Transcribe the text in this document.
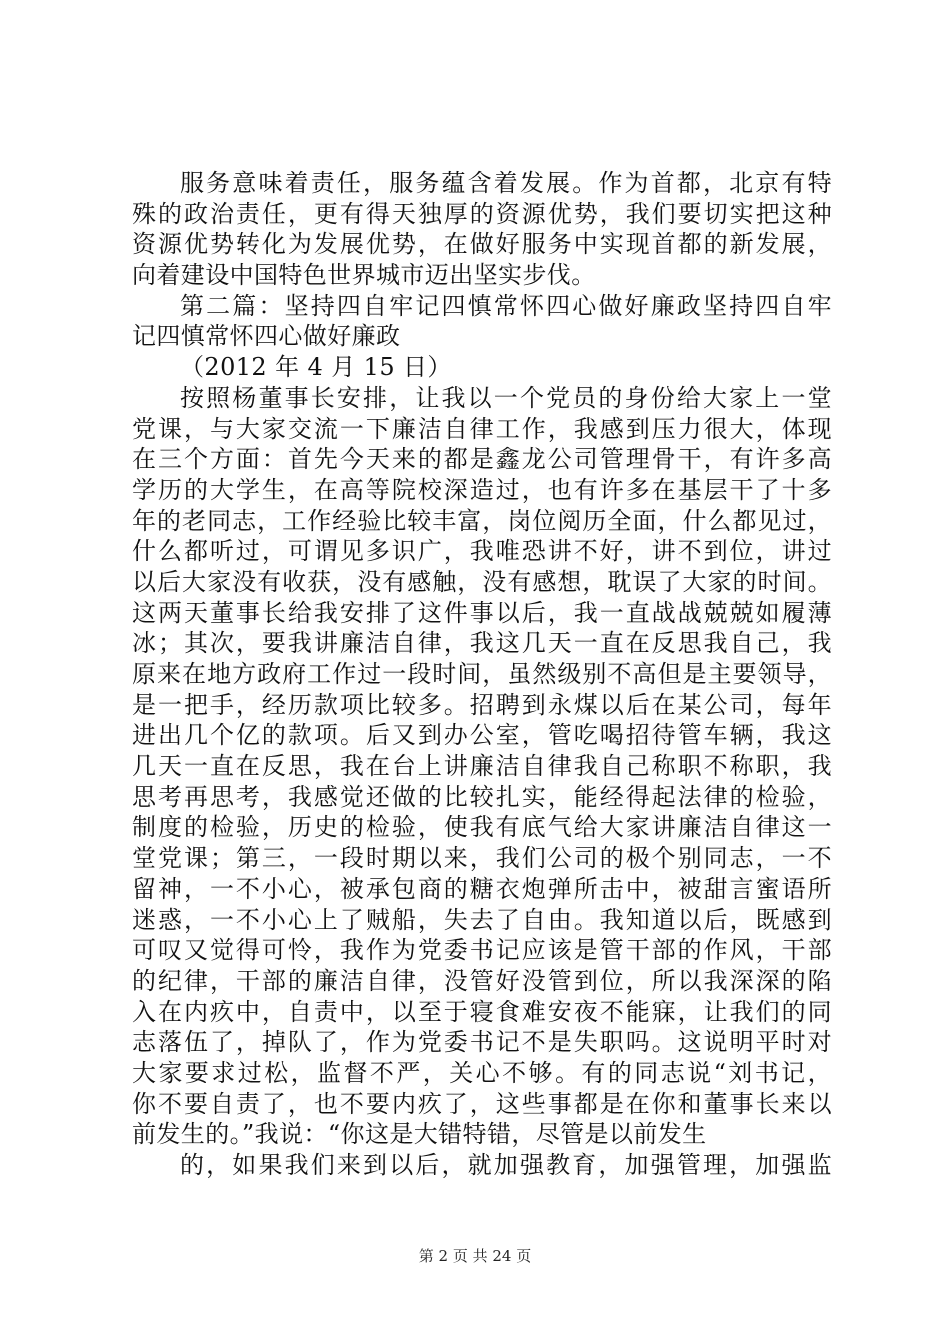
服务意味着责任，服务蕴含着发展。作为首都，北京有特
殊的政治责任，更有得天独厚的资源优势，我们要切实把这种
资源优势转化为发展优势，在做好服务中实现首都的新发展，
向着建设中国特色世界城市迈出坚实步伐。
第二篇：坚持四自牢记四慎常怀四心做好廉政坚持四自牢
记四慎常怀四心做好廉政
（2012 年 4 月 15 日）
按照杨董事长安排，让我以一个党员的身份给大家上一堂
党课，与大家交流一下廉洁自律工作，我感到压力很大，体现
在三个方面：首先今天来的都是鑫龙公司管理骨干，有许多高
学历的大学生，在高等院校深造过，也有许多在基层干了十多
年的老同志，工作经验比较丰富，岗位阅历全面，什么都见过，
什么都听过，可谓见多识广，我唯恐讲不好，讲不到位，讲过
以后大家没有收获，没有感触，没有感想，耽误了大家的时间。
这两天董事长给我安排了这件事以后，我一直战战兢兢如履薄
冰；其次，要我讲廉洁自律，我这几天一直在反思我自己，我
原来在地方政府工作过一段时间，虽然级别不高但是主要领导，
是一把手，经历款项比较多。招聘到永煤以后在某公司，每年
进出几个亿的款项。后又到办公室，管吃喝招待管车辆，我这
几天一直在反思，我在台上讲廉洁自律我自己称职不称职，我
思考再思考，我感觉还做的比较扎实，能经得起法律的检验，
制度的检验，历史的检验，使我有底气给大家讲廉洁自律这一
堂党课；第三，一段时期以来，我们公司的极个别同志，一不
留神，一不小心，被承包商的糖衣炮弹所击中，被甜言蜜语所
迷惑，一不小心上了贼船，失去了自由。我知道以后，既感到
可叹又觉得可怜，我作为党委书记应该是管干部的作风，干部
的纪律，干部的廉洁自律，没管好没管到位，所以我深深的陷
入在内疚中，自责中，以至于寝食难安夜不能寐，让我们的同
志落伍了，掉队了，作为党委书记不是失职吗。这说明平时对
大家要求过松，监督不严，关心不够。有的同志说“刘书记，
你不要自责了，也不要内疚了，这些事都是在你和董事长来以
前发生的。”我说：“你这是大错特错，尽管是以前发生
的，如果我们来到以后，就加强教育，加强管理，加强监
第 2 页 共 24 页
